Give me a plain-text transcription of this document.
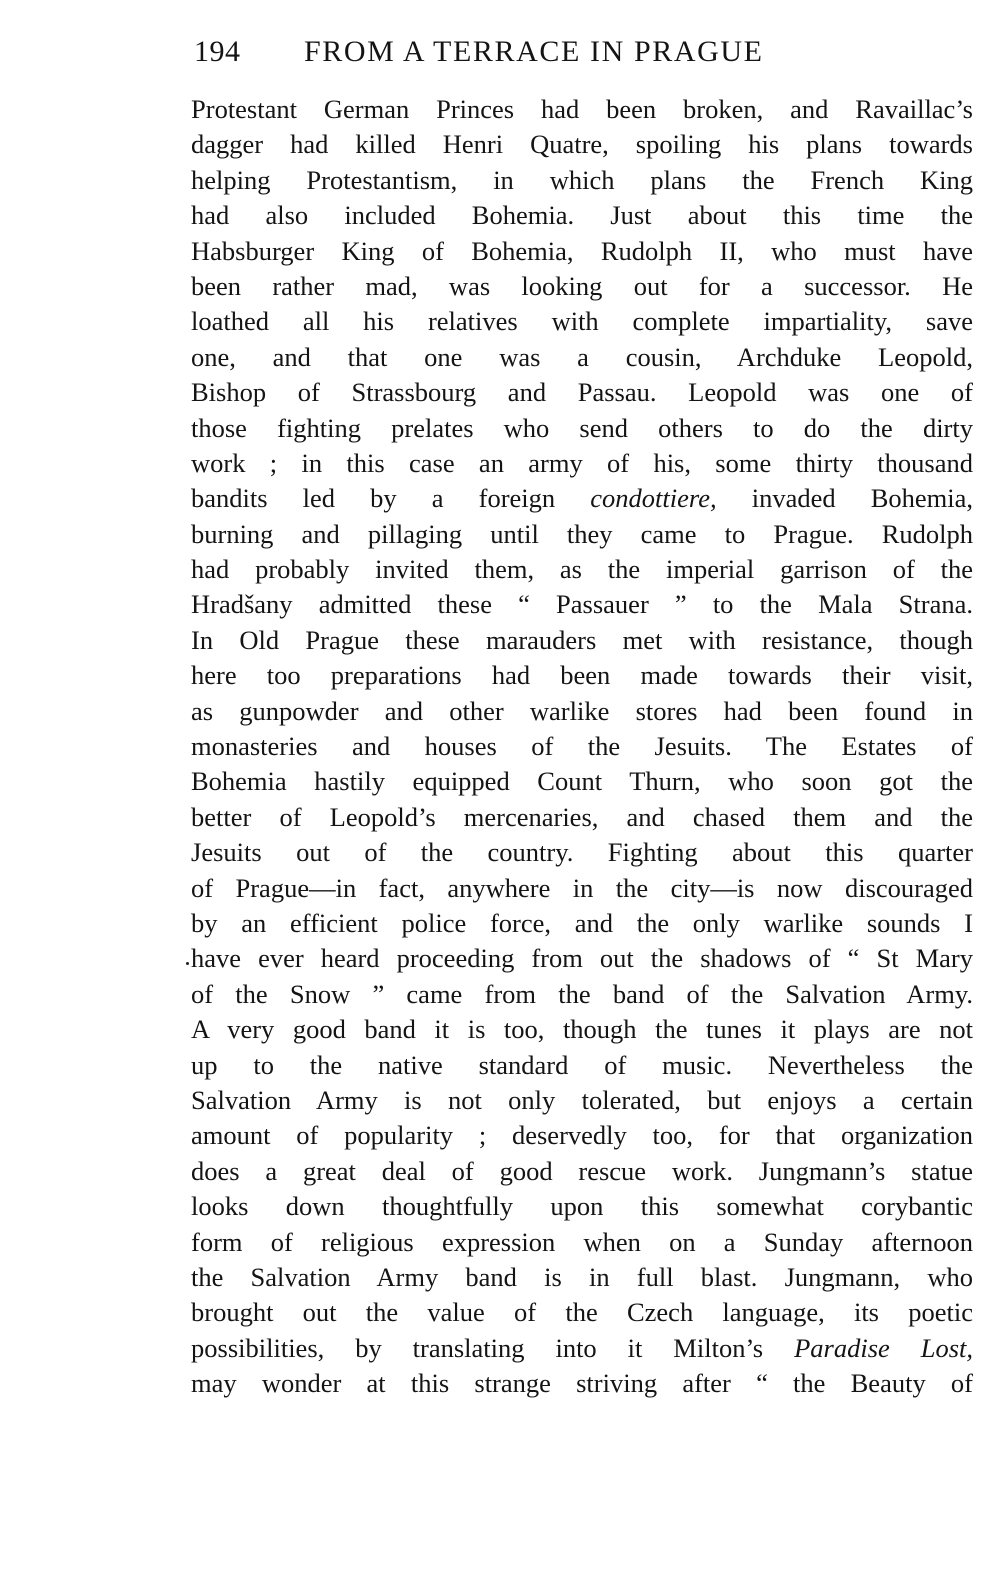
194 FROM A TERRACE IN PRAGUE
Protestant German Princes had been broken, and Ravaillac’s
dagger had killed Henri Quatre, spoiling his plans towards
helping Protestantism, in which plans the French King
had also included Bohemia. Just about this time the
Habsburger King of Bohemia, Rudolph II, who must have
been rather mad, was looking out for a successor. He
loathed all his relatives with complete impartiality, save
one, and that one was a cousin, Archduke Leopold,
Bishop of Strassbourg and Passau. Leopold was one of
those fighting prelates who send others to do the dirty
work ; in this case an army of his, some thirty thousand
bandits led by a foreign condottiere, invaded Bohemia,
burning and pillaging until they came to Prague. Rudolph
had probably invited them, as the imperial garrison of the
Hradšany admitted these “ Passauer ” to the Mala Strana.
In Old Prague these marauders met with resistance, though
here too preparations had been made towards their visit,
as gunpowder and other warlike stores had been found in
monasteries and houses of the Jesuits. The Estates of
Bohemia hastily equipped Count Thurn, who soon got the
better of Leopold’s mercenaries, and chased them and the
Jesuits out of the country. Fighting about this quarter
of Prague—in fact, anywhere in the city—is now discouraged
by an efficient police force, and the only warlike sounds I
have ever heard proceeding from out the shadows of “ St Mary
of the Snow ” came from the band of the Salvation Army.
A very good band it is too, though the tunes it plays are not
up to the native standard of music. Nevertheless the
Salvation Army is not only tolerated, but enjoys a certain
amount of popularity ; deservedly too, for that organization
does a great deal of good rescue work. Jungmann’s statue
looks down thoughtfully upon this somewhat corybantic
form of religious expression when on a Sunday afternoon
the Salvation Army band is in full blast. Jungmann, who
brought out the value of the Czech language, its poetic
possibilities, by translating into it Milton’s Paradise Lost,
may wonder at this strange striving after “ the Beauty of
